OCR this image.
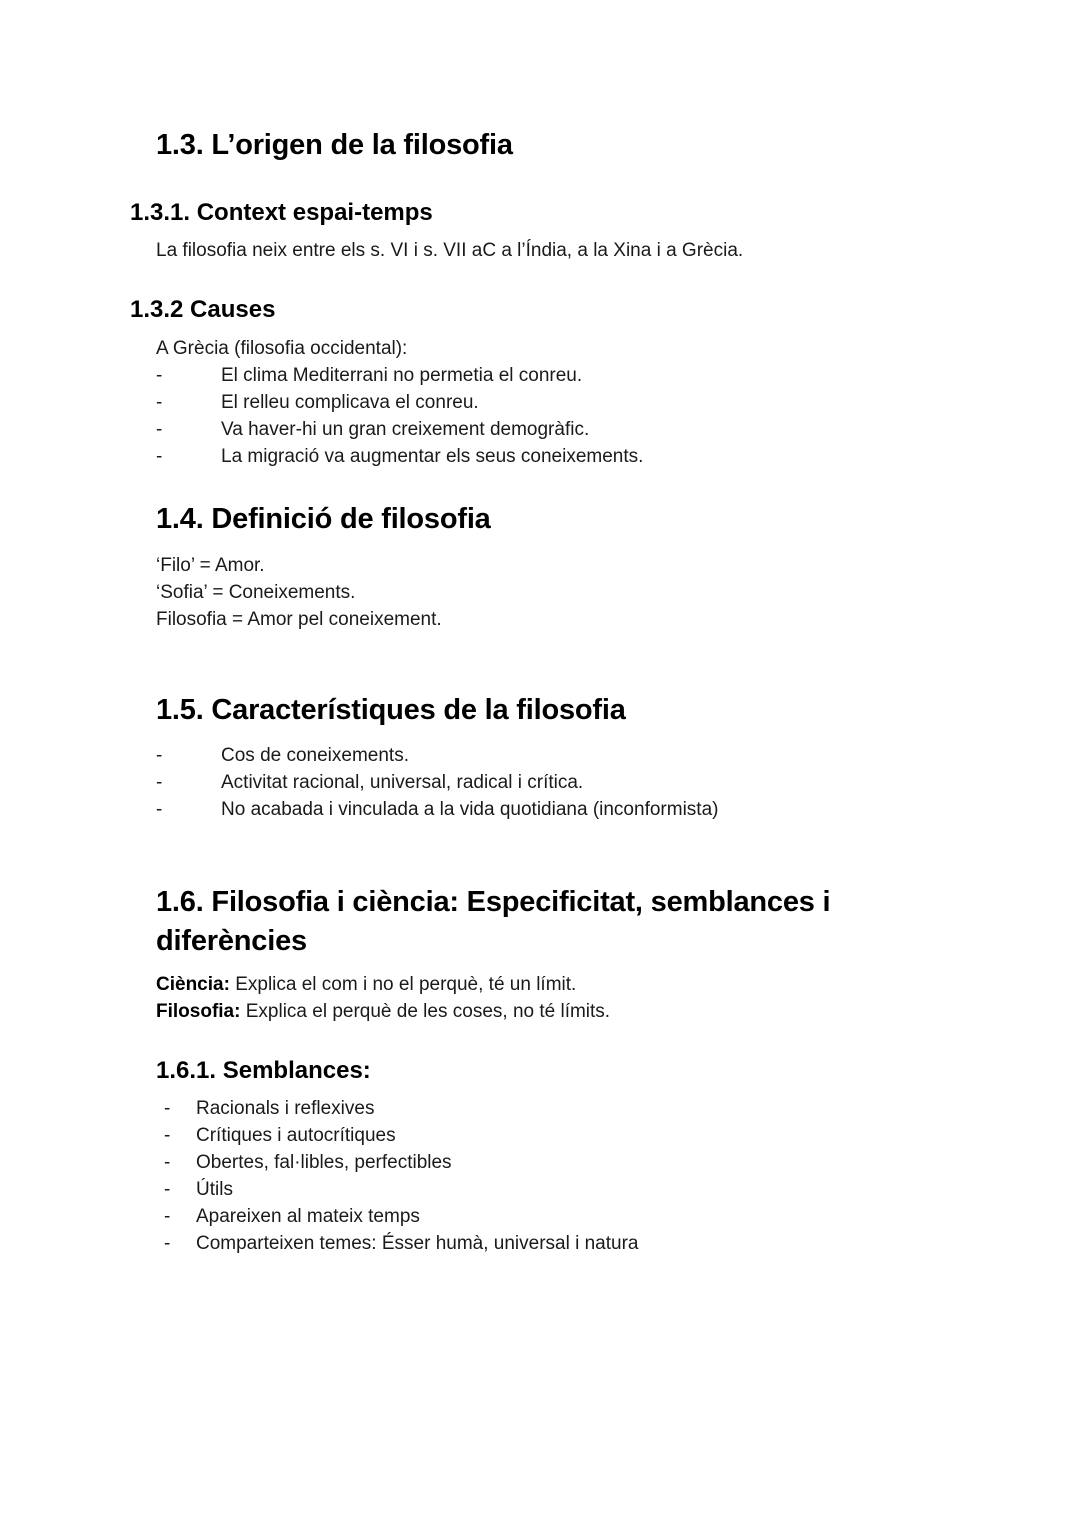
1.3. L’origen de la filosofia
1.3.1. Context espai-temps
La filosofia neix entre els s. VI i s. VII aC a l’Índia, a la Xina i a Grècia.
1.3.2 Causes
A Grècia (filosofia occidental):
-	El clima Mediterrani no permetia el conreu.
-	El relleu complicava el conreu.
-	Va haver-hi un gran creixement demogràfic.
-	La migració va augmentar els seus coneixements.
1.4. Definició de filosofia
‘Filo’ = Amor.
‘Sofia’ = Coneixements.
Filosofia = Amor pel coneixement.
1.5. Característiques de la filosofia
-	Cos de coneixements.
-	Activitat racional, universal, radical i crítica.
-	No acabada i vinculada a la vida quotidiana (inconformista)
1.6. Filosofia i ciència: Especificitat, semblances i diferències
Ciència: Explica el com i no el perquè, té un límit.
Filosofia: Explica el perquè de les coses, no té límits.
1.6.1. Semblances:
- Racionals i reflexives
- Crítiques i autocrítiques
- Obertes, fal·libles, perfectibles
- Útils
- Apareixen al mateix temps
- Comparteixen temes: Ésser humà, universal i natura
